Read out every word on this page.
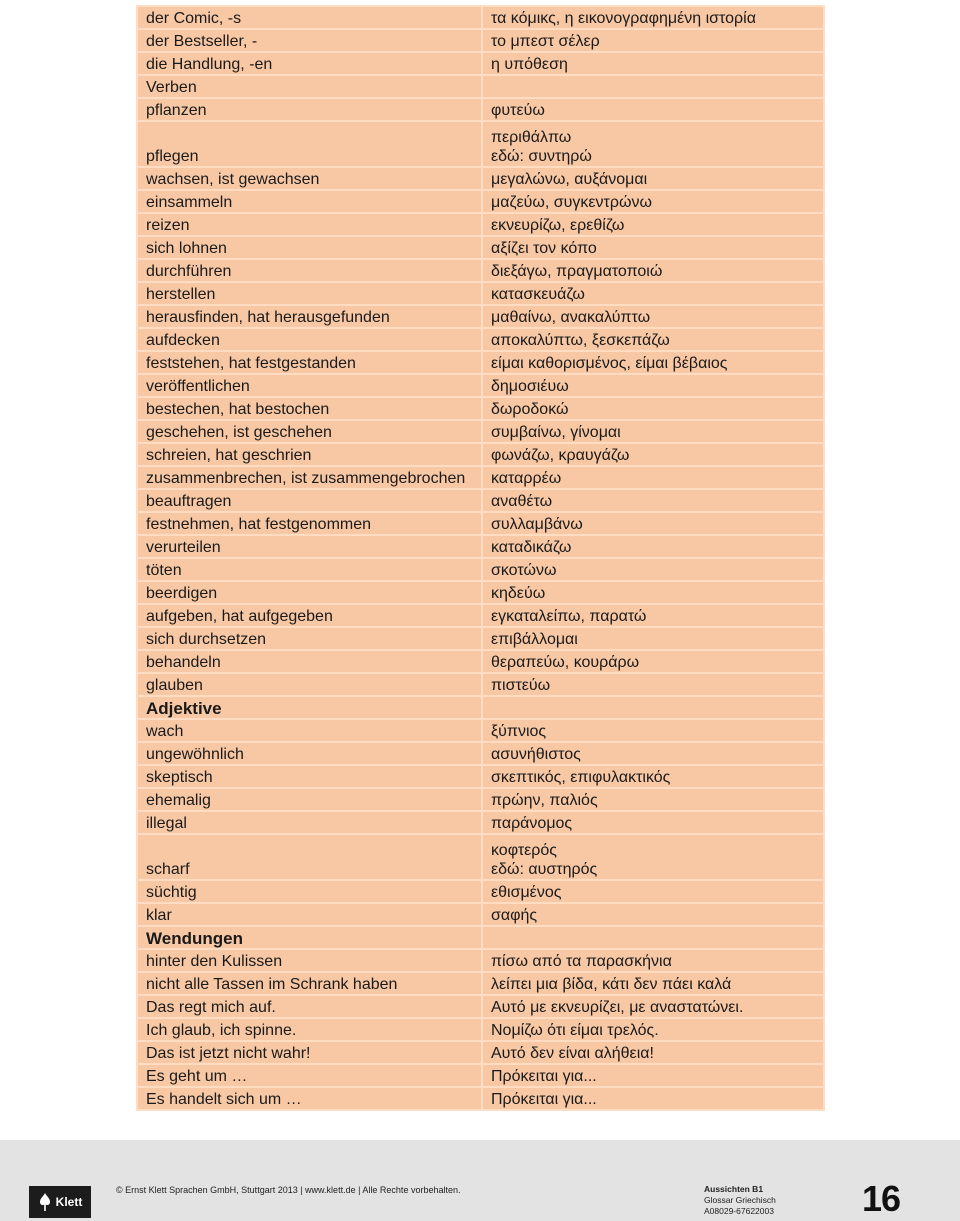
der Comic, -s	τα κόμικς, η εικονογραφημένη ιστορία

der Bestseller, -	το μπεστ σέλερ

die Handlung, -en	η υπόθεση

Verben	

pflanzen	φυτεύω

pflegen	περιθάλπω
εδώ: συντηρώ

wachsen, ist gewachsen	μεγαλώνω, αυξάνομαι

einsammeln	μαζεύω, συγκεντρώνω

reizen	εκνευρίζω, ερεθίζω

sich lohnen	αξίζει τον κόπο

durchführen	διεξάγω, πραγματοποιώ

herstellen	κατασκευάζω

herausfinden, hat herausgefunden	μαθαίνω, ανακαλύπτω

aufdecken	αποκαλύπτω, ξεσκεπάζω

feststehen, hat festgestanden	είμαι καθορισμένος, είμαι βέβαιος

veröffentlichen	δημοσιέυω

bestechen, hat bestochen	δωροδοκώ

geschehen, ist geschehen	συμβαίνω, γίνομαι

schreien, hat geschrien	φωνάζω, κραυγάζω

zusammenbrechen, ist zusammengebrochen	καταρρέω

beauftragen	αναθέτω

festnehmen, hat festgenommen	συλλαμβάνω

verurteilen	καταδικάζω

töten	σκοτώνω

beerdigen	κηδεύω

aufgeben, hat aufgegeben	εγκαταλείπω, παρατώ

sich durchsetzen	επιβάλλομαι

behandeln	θεραπεύω, κουράρω

glauben	πιστεύω

Adjektive	

wach	ξύπνιος

ungewöhnlich	ασυνήθιστος

skeptisch	σκεπτικός, επιφυλακτικός

ehemalig	πρώην, παλιός

illegal	παράνομος

scharf	κοφτερός
εδώ: αυστηρός

süchtig	εθισμένος

klar	σαφής

Wendungen	

hinter den Kulissen	πίσω από τα παρασκήνια

nicht alle Tassen im Schrank haben	λείπει μια βίδα, κάτι δεν πάει καλά

Das regt mich auf.	Αυτό με εκνευρίζει, με αναστατώνει.

Ich glaub, ich spinne.	Νομίζω ότι είμαι τρελός.

Das ist jetzt nicht wahr!	Αυτό δεν είναι αλήθεια!

Es geht um …	Πρόκειται για...

Es handelt sich um …	Πρόκειται για...
Klett
© Ernst Klett Sprachen GmbH, Stuttgart 2013 | www.klett.de | Alle Rechte vorbehalten.	Aussichten B1
Glossar Griechisch
A08029-67622003 16
